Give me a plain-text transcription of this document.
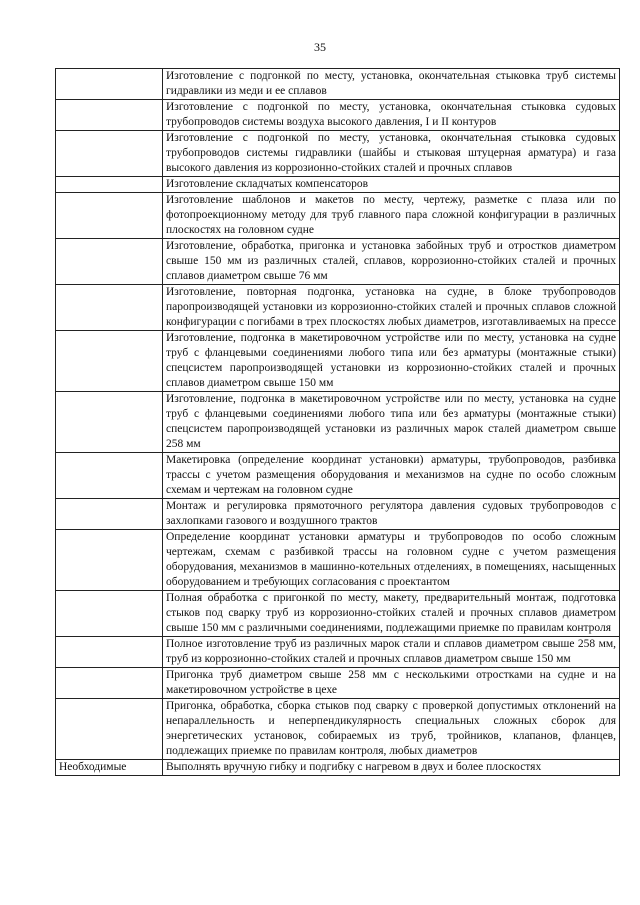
35
	Изготовление с подгонкой по месту, установка, окончательная стыковка труб системы гидравлики из меди и ее сплавов
	Изготовление с подгонкой по месту, установка, окончательная стыковка судовых трубопроводов системы воздуха высокого давления, I и II контуров
	Изготовление с подгонкой по месту, установка, окончательная стыковка судовых трубопроводов системы гидравлики (шайбы и стыковая штуцерная арматура) и газа высокого давления из коррозионно-стойких сталей и прочных сплавов
	Изготовление складчатых компенсаторов
	Изготовление шаблонов и макетов по месту, чертежу, разметке с плаза или по фотопроекционному методу для труб главного пара сложной конфигурации в различных плоскостях на головном судне
	Изготовление, обработка, пригонка и установка забойных труб и отростков диаметром свыше 150 мм из различных сталей, сплавов, коррозионно-стойких сталей и прочных сплавов диаметром свыше 76 мм
	Изготовление, повторная подгонка, установка на судне, в блоке трубопроводов паропроизводящей установки из коррозионно-стойких сталей и прочных сплавов сложной конфигурации с погибами в трех плоскостях любых диаметров, изготавливаемых на прессе
	Изготовление, подгонка в макетировочном устройстве или по месту, установка на судне труб с фланцевыми соединениями любого типа или без арматуры (монтажные стыки) спецсистем паропроизводящей установки из коррозионно-стойких сталей и прочных сплавов диаметром свыше 150 мм
	Изготовление, подгонка в макетировочном устройстве или по месту, установка на судне труб с фланцевыми соединениями любого типа или без арматуры (монтажные стыки) спецсистем паропроизводящей установки из различных марок сталей диаметром свыше 258 мм
	Макетировка (определение координат установки) арматуры, трубопроводов, разбивка трассы с учетом размещения оборудования и механизмов на судне по особо сложным схемам и чертежам на головном судне
	Монтаж и регулировка прямоточного регулятора давления судовых трубопроводов с захлопками газового и воздушного трактов
	Определение координат установки арматуры и трубопроводов по особо сложным чертежам, схемам с разбивкой трассы на головном судне с учетом размещения оборудования, механизмов в машинно-котельных отделениях, в помещениях, насыщенных оборудованием и требующих согласования с проектантом
	Полная обработка с пригонкой по месту, макету, предварительный монтаж, подготовка стыков под сварку труб из коррозионно-стойких сталей и прочных сплавов диаметром свыше 150 мм с различными соединениями, подлежащими приемке по правилам контроля
	Полное изготовление труб из различных марок стали и сплавов диаметром свыше 258 мм, труб из коррозионно-стойких сталей и прочных сплавов диаметром свыше 150 мм
	Пригонка труб диаметром свыше 258 мм с несколькими отростками на судне и на макетировочном устройстве в цехе
	Пригонка, обработка, сборка стыков под сварку с проверкой допустимых отклонений на непараллельность и неперпендикулярность специальных сложных сборок для энергетических установок, собираемых из труб, тройников, клапанов, фланцев, подлежащих приемке по правилам контроля, любых диаметров
Необходимые	Выполнять вручную гибку и подгибку с нагревом в двух и более плоскостях
